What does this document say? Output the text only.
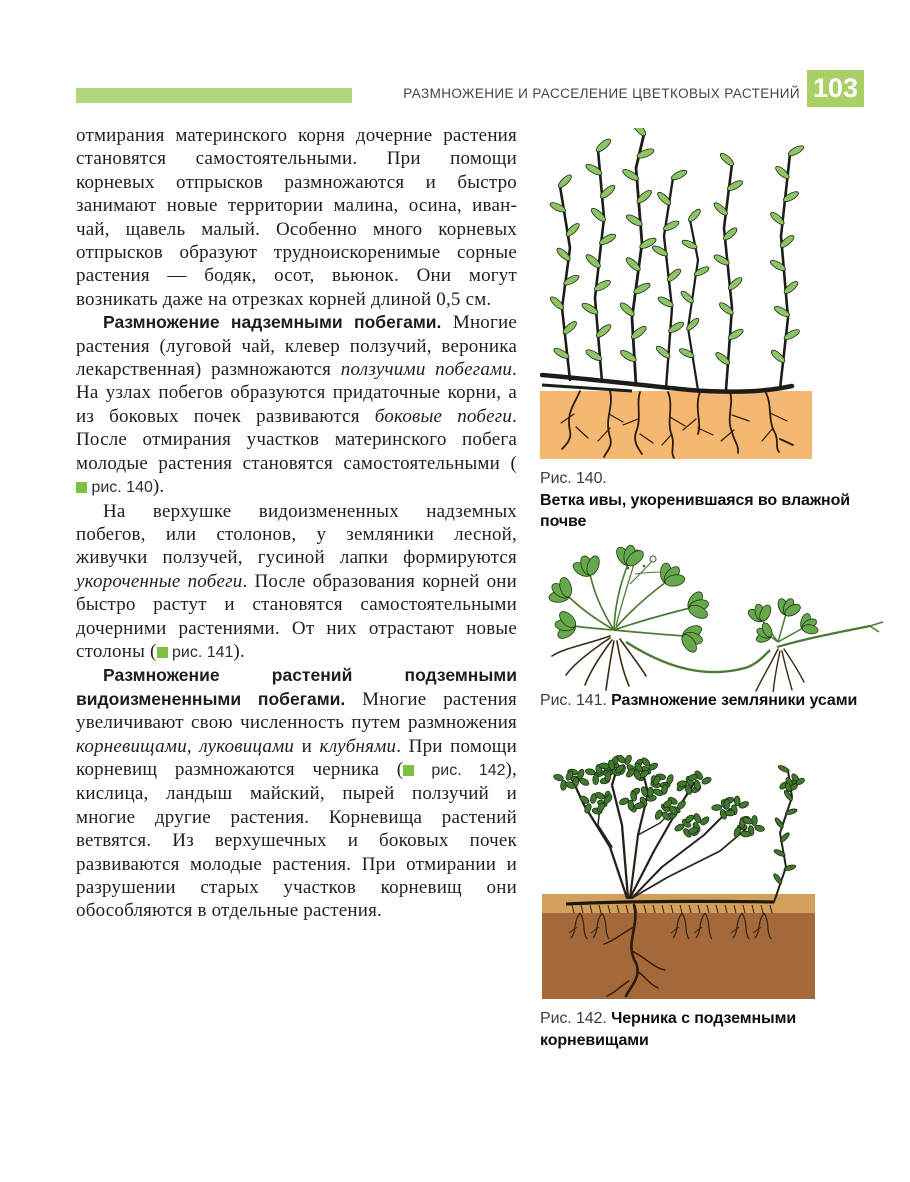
РАЗМНОЖЕНИЕ И РАССЕЛЕНИЕ ЦВЕТКОВЫХ РАСТЕНИЙ 103

отмирания материнского корня дочерние растения становятся самостоятельными. При помощи корневых отпрысков размножаются и быстро занимают новые территории малина, осина, иван-чай, щавель малый. Особенно много корневых отпрысков образуют трудноискоренимые сорные растения — бодяк, осот, вьюнок. Они могут возникать даже на отрезках корней длиной 0,5 см.

Размножение надземными побегами. Многие растения (луговой чай, клевер ползучий, вероника лекарственная) размножаются ползучими побегами. На узлах побегов образуются придаточные корни, а из боковых почек развиваются боковые побеги. После отмирания участков материнского побега молодые растения становятся самостоятельными ( рис. 140).

На верхушке видоизмененных надземных побегов, или столонов, у земляники лесной, живучки ползучей, гусиной лапки формируются укороченные побеги. После образования корней они быстро растут и становятся самостоятельными дочерними растениями. От них отрастают новые столоны ( рис. 141).

Размножение растений подземными видоизмененными побегами. Многие растения увеличивают свою численность путем размножения корневищами, луковицами и клубнями. При помощи корневищ размножаются черника ( рис. 142), кислица, ландыш майский, пырей ползучий и многие другие растения. Корневища растений ветвятся. Из верхушечных и боковых почек развиваются молодые растения. При отмирании и разрушении старых участков корневищ они обособляются в отдельные растения.

Рис. 140.
Ветка ивы, укоренившаяся во влажной почве
Рис. 141. Размножение земляники усами
Рис. 142. Черника с подземными корневищами
